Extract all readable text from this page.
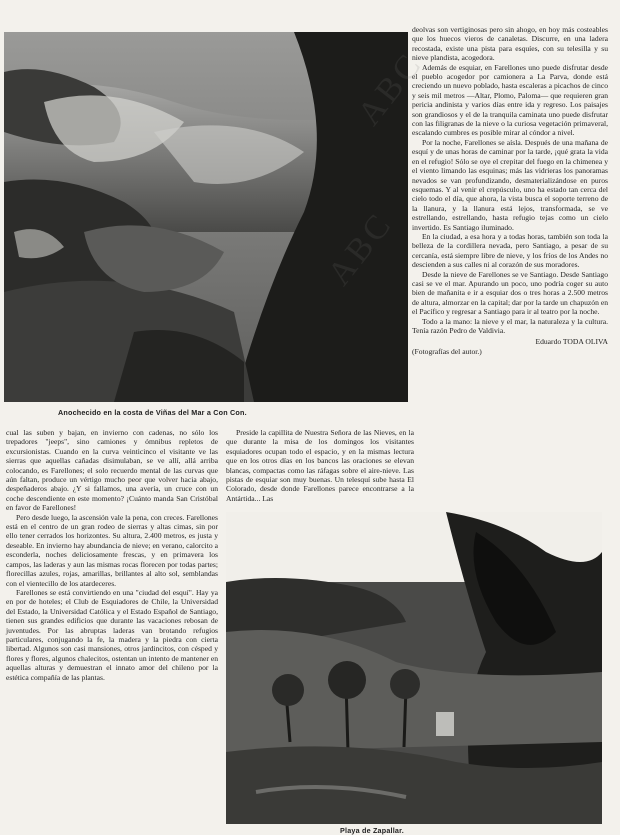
Anochecido en la costa de Viñas del Mar a Con Con.

deolvas son vertiginosas pero sin ahogo, en hoy más costeables que los huecos vieros de canaletas. Discurre, en una ladera recostada, existe una pista para esquíes, con su telesilla y su nieve plandista, acogedora.

Además de esquiar, en Farellones uno puede disfrutar desde el pueblo acogedor por camionera a La Parva, donde está creciendo un nuevo poblado, hasta escaleras a picachos de cinco y seis mil metros —Altar, Plomo, Paloma— que requieren gran pericia andinista y varios días entre ida y regreso. Los paisajes son grandiosos y el de la tranquila caminata uno puede disfrutar con las filigranas de la nieve o la curiosa vegetación primaveral, escalando cumbres es posible mirar al cóndor a nivel.

Por la noche, Farellones se aísla. Después de una mañana de esquí y de unas horas de caminar por la tarde, ¡qué grata la vida en el refugio! Sólo se oye el crepitar del fuego en la chimenea y el viento limando las esquinas; más las vidrieras los panoramas nevados se van profundizando, desmaterializándose en puros esquemas. Y al venir el crepúsculo, uno ha estado tan cerca del cielo todo el día, que ahora, la vista busca el soporte terreno de la llanura, y la llanura está lejos, transformada, se ve estrellando, estrellando, hasta refugio tejas como un cielo invertido. Es Santiago iluminado.

En la ciudad, a esa hora y a todas horas, también son toda la belleza de la cordillera nevada, pero Santiago, a pesar de su cercanía, está siempre libre de nieve, y los fríos de los Andes no descienden a sus calles ni al corazón de sus moradores.

Desde la nieve de Farellones se ve Santiago. Desde Santiago casi se ve el mar. Apurando un poco, uno podría coger su auto bien de mañanita e ir a esquiar dos o tres horas a 2.500 metros de altura, almorzar en la capital; dar por la tarde un chapuzón en el Pacífico y regresar a Santiago para ir al teatro por la noche.

Todo a la mano: la nieve y el mar, la naturaleza y la cultura. Tenía razón Pedro de Valdivia.

Eduardo TODA OLIVA

(Fotografías del autor.)

cual las suben y bajan, en invierno con cadenas, no sólo los trepadores "jeeps", sino camiones y ómnibus repletos de excursionistas. Cuando en la curva veinticinco el visitante ve las sierras que aquellas cañadas disimulaban, se ve allí, allá arriba colocando, es Farellones; el solo recuerdo mental de las curvas que aún faltan, produce un vértigo mucho peor que volver hacia abajo, despeñaderos abajo. ¿Y si fallamos, una avería, un cruce con un coche descendiente en este momento? ¡Cuánto manda San Cristóbal en favor de Farellones!

Pero desde luego, la ascensión vale la pena, con creces. Farellones está en el centro de un gran rodeo de sierras y altas cimas, sin por ello tener cerrados los horizontes. Su altura, 2.400 metros, es justa y deseable. En invierno hay abundancia de nieve; en verano, calorcito a esconderla, noches deliciosamente frescas, y en primavera los campos, las laderas y aun las mismas rocas florecen por todas partes; florecillas azules, rojas, amarillas, brillantes al alto sol, semblandas con el vientecillo de los atardeceres.

Farellones se está convirtiendo en una "ciudad del esquí". Hay ya en por de hoteles; el Club de Esquiadores de Chile, la Universidad del Estado, la Universidad Católica y el Estado Español de Santiago, tienen sus grandes edificios que durante las vacaciones rebosan de juventudes. Por las abruptas laderas van brotando refugios particulares, conjugando la fe, la madera y la piedra con cierta libertad. Algunos son casi mansiones, otros jardincitos, con césped y flores y flores, algunos chalecitos, ostentan un intento de mantener en aquellas alturas y demuestran el innato amor del chileno por la estética compañía de las plantas.

Preside la capillita de Nuestra Señora de las Nieves, en la que durante la misa de los domingos los visitantes esquiadores ocupan todo el espacio, y en la mismas lectura que en los otros días en los bancos las oraciones se elevan blancas, compactas como las ráfagas sobre el aire-nieve. Las pistas de esquiar son muy buenas. Un telesquí sube hasta El Colorado, desde donde Farellones parece encontrarse a la Antártida... Las

Playa de Zapallar.
